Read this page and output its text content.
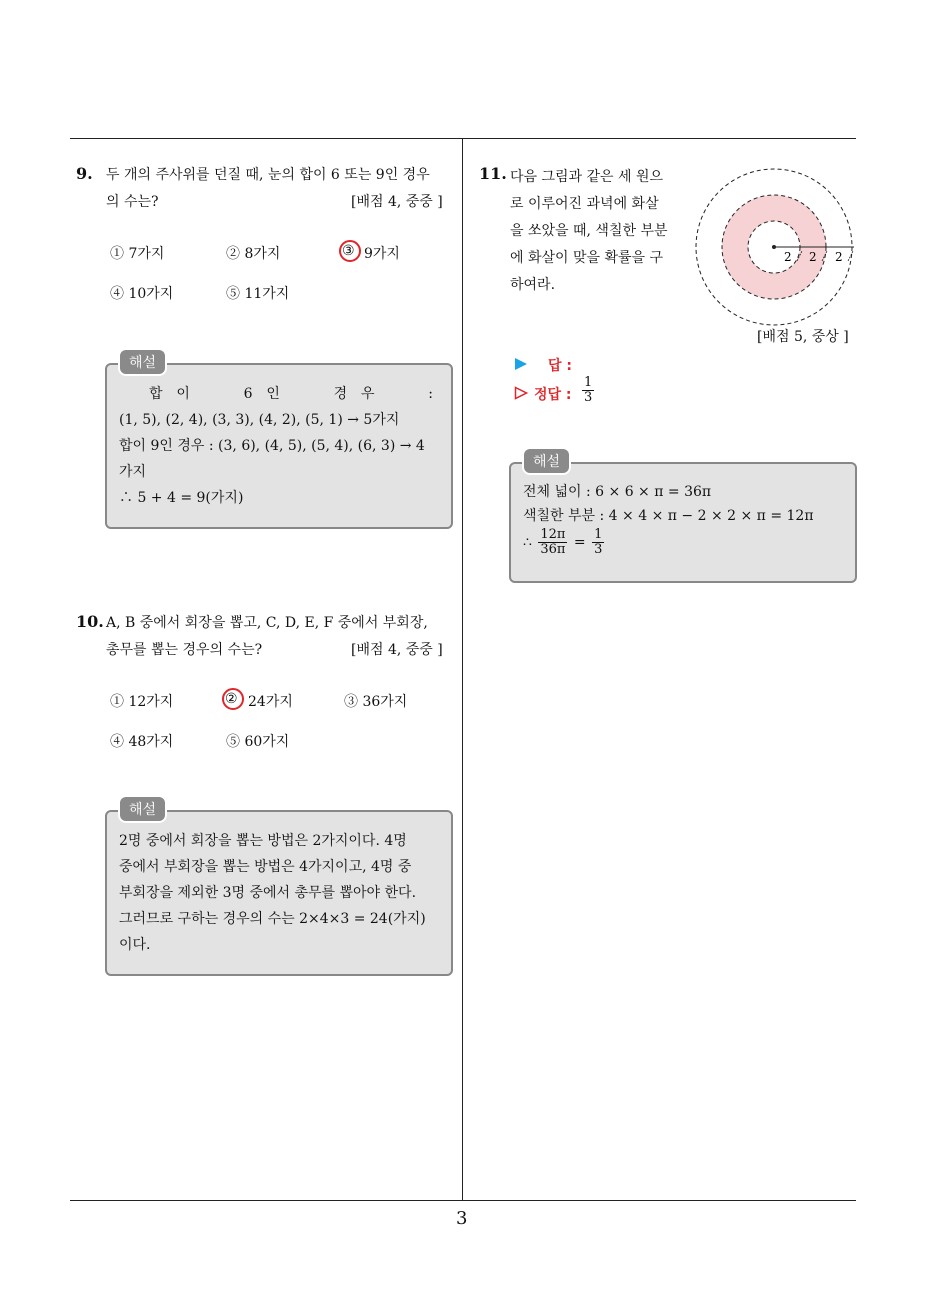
9. 두 개의 주사위를 던질 때, 눈의 합이 6 또는 9인 경우
의 수는?	[배점 4, 중중 ]
① 7가지	② 8가지	③ 9가지
④ 10가지	⑤ 11가지
합 이	6 인	경 우	:
(1, 5), (2, 4), (3, 3), (4, 2), (5, 1) → 5가지
합이 9인 경우 : (3, 6), (4, 5), (5, 4), (6, 3) → 4
가지
∴ 5 + 4 = 9(가지)
해설
10. A, B 중에서 회장을 뽑고, C, D, E, F 중에서 부회장,
총무를 뽑는 경우의 수는?	[배점 4, 중중 ]
① 12가지	② 24가지	③ 36가지
④ 48가지	⑤ 60가지
2명 중에서 회장을 뽑는 방법은 2가지이다. 4명
중에서 부회장을 뽑는 방법은 4가지이고, 4명 중
부회장을 제외한 3명 중에서 총무를 뽑아야 한다.
그러므로 구하는 경우의 수는 2×4×3 = 24(가지)
이다.
해설
11. 다음 그림과 같은 세 원으
로 이루어진 과녁에 화살
을 쏘았을 때, 색칠한 부분
에 화살이 맞을 확률을 구
하여라.
2 2 2
[배점 5, 중상 ]
답 :
정답 : $\frac{1}{3}$
전체 넓이 : 6 × 6 × π = 36π
색칠한 부분 : 4 × 4 × π − 2 × 2 × π = 12π
∴ $\frac{12\pi}{36\pi} = \frac{1}{3}$
해설
3
